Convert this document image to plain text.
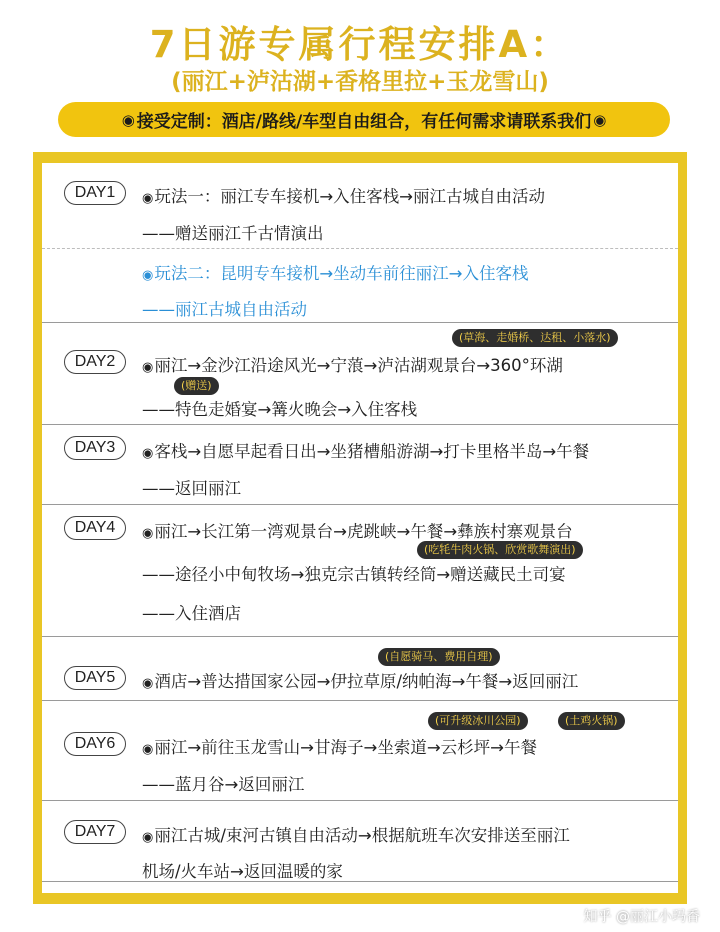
7日游专属行程安排A：
(丽江+泸沽湖+香格里拉+玉龙雪山)
◉ 接受定制：酒店/路线/车型自由组合，有任何需求请联系我们 ◉
DAY1	◉玩法一：丽江专车接机→入住客栈→丽江古城自由活动
——赠送丽江千古情演出
◉玩法二：昆明专车接机→坐动车前往丽江→入住客栈
——丽江古城自由活动
(草海、走婚桥、达租、小落水)
DAY2	◉丽江→金沙江沿途风光→宁蒗→泸沽湖观景台→360°环湖
(赠送)
——特色走婚宴→篝火晚会→入住客栈
DAY3	◉客栈→自愿早起看日出→坐猪槽船游湖→打卡里格半岛→午餐
——返回丽江
DAY4	◉丽江→长江第一湾观景台→虎跳峡→午餐→彝族村寨观景台
(吃牦牛肉火锅、欣赏歌舞演出)
——途径小中甸牧场→独克宗古镇转经筒→赠送藏民土司宴
——入住酒店
(自愿骑马、费用自理)
DAY5	◉酒店→普达措国家公园→伊拉草原/纳帕海→午餐→返回丽江
(可升级冰川公园)	(土鸡火锅)
DAY6	◉丽江→前往玉龙雪山→甘海子→坐索道→云杉坪→午餐
——蓝月谷→返回丽江
DAY7	◉丽江古城/束河古镇自由活动→根据航班车次安排送至丽江
机场/火车站→返回温暖的家
知乎 @丽江小玛香
